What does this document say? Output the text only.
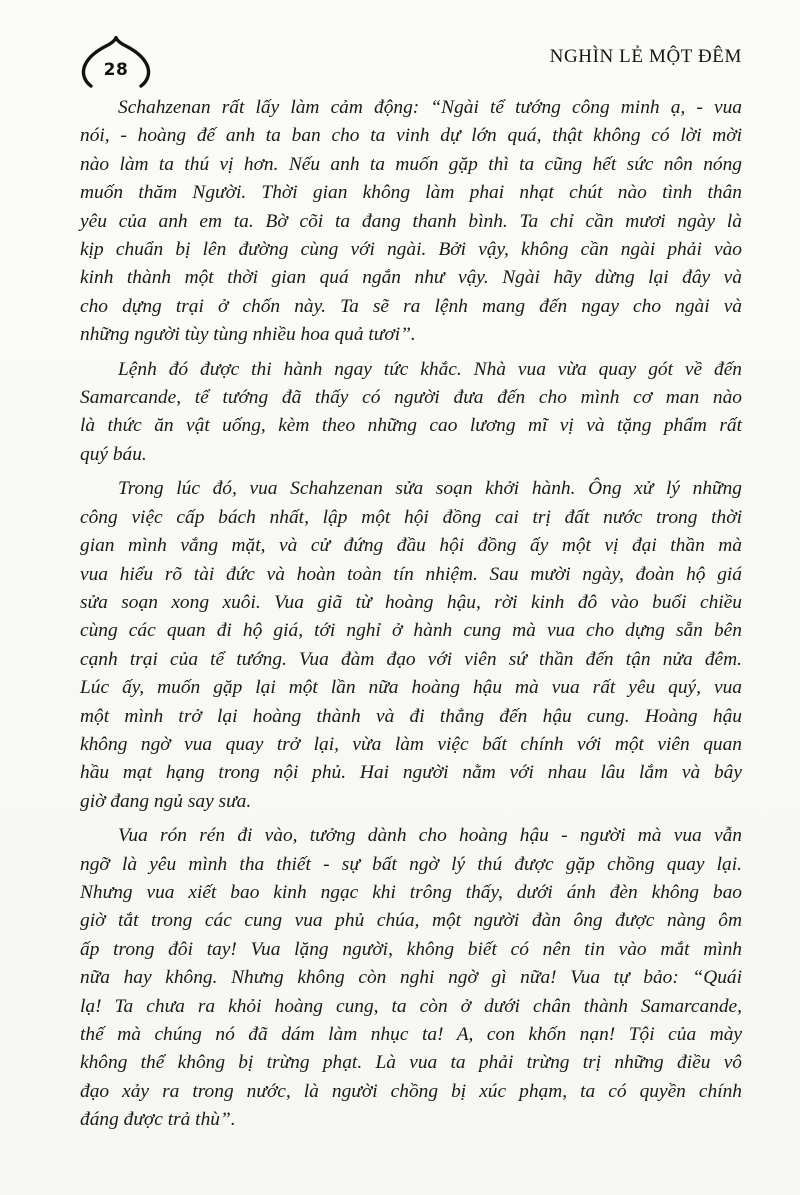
28
NGHÌN LẺ MỘT ĐÊM
Schahzenan rất lấy làm cảm động: “Ngài tể tướng công minh ạ, - vua
nói, - hoàng đế anh ta ban cho ta vinh dự lớn quá, thật không có lời mời
nào làm ta thú vị hơn. Nếu anh ta muốn gặp thì ta cũng hết sức nôn nóng
muốn thăm Người. Thời gian không làm phai nhạt chút nào tình thân
yêu của anh em ta. Bờ cõi ta đang thanh bình. Ta chỉ cần mươi ngày là
kịp chuẩn bị lên đường cùng với ngài. Bởi vậy, không cần ngài phải vào
kinh thành một thời gian quá ngắn như vậy. Ngài hãy dừng lại đây và
cho dựng trại ở chốn này. Ta sẽ ra lệnh mang đến ngay cho ngài và
những người tùy tùng nhiều hoa quả tươi”.
Lệnh đó được thi hành ngay tức khắc. Nhà vua vừa quay gót về đến
Samarcande, tể tướng đã thấy có người đưa đến cho mình cơ man nào
là thức ăn vật uống, kèm theo những cao lương mĩ vị và tặng phẩm rất
quý báu.
Trong lúc đó, vua Schahzenan sửa soạn khởi hành. Ông xử lý những
công việc cấp bách nhất, lập một hội đồng cai trị đất nước trong thời
gian mình vắng mặt, và cử đứng đầu hội đồng ấy một vị đại thần mà
vua hiểu rõ tài đức và hoàn toàn tín nhiệm. Sau mười ngày, đoàn hộ giá
sửa soạn xong xuôi. Vua giã từ hoàng hậu, rời kinh đô vào buổi chiều
cùng các quan đi hộ giá, tới nghỉ ở hành cung mà vua cho dựng sẵn bên
cạnh trại của tể tướng. Vua đàm đạo với viên sứ thần đến tận nửa đêm.
Lúc ấy, muốn gặp lại một lần nữa hoàng hậu mà vua rất yêu quý, vua
một mình trở lại hoàng thành và đi thẳng đến hậu cung. Hoàng hậu
không ngờ vua quay trở lại, vừa làm việc bất chính với một viên quan
hầu mạt hạng trong nội phủ. Hai người nằm với nhau lâu lắm và bây
giờ đang ngủ say sưa.
Vua rón rén đi vào, tưởng dành cho hoàng hậu - người mà vua vẫn
ngỡ là yêu mình tha thiết - sự bất ngờ lý thú được gặp chồng quay lại.
Nhưng vua xiết bao kinh ngạc khi trông thấy, dưới ánh đèn không bao
giờ tắt trong các cung vua phủ chúa, một người đàn ông được nàng ôm
ấp trong đôi tay! Vua lặng người, không biết có nên tin vào mắt mình
nữa hay không. Nhưng không còn nghi ngờ gì nữa! Vua tự bảo: “Quái
lạ! Ta chưa ra khỏi hoàng cung, ta còn ở dưới chân thành Samarcande,
thế mà chúng nó đã dám làm nhục ta! A, con khốn nạn! Tội của mày
không thể không bị trừng phạt. Là vua ta phải trừng trị những điều vô
đạo xảy ra trong nước, là người chồng bị xúc phạm, ta có quyền chính
đáng được trả thù”.
